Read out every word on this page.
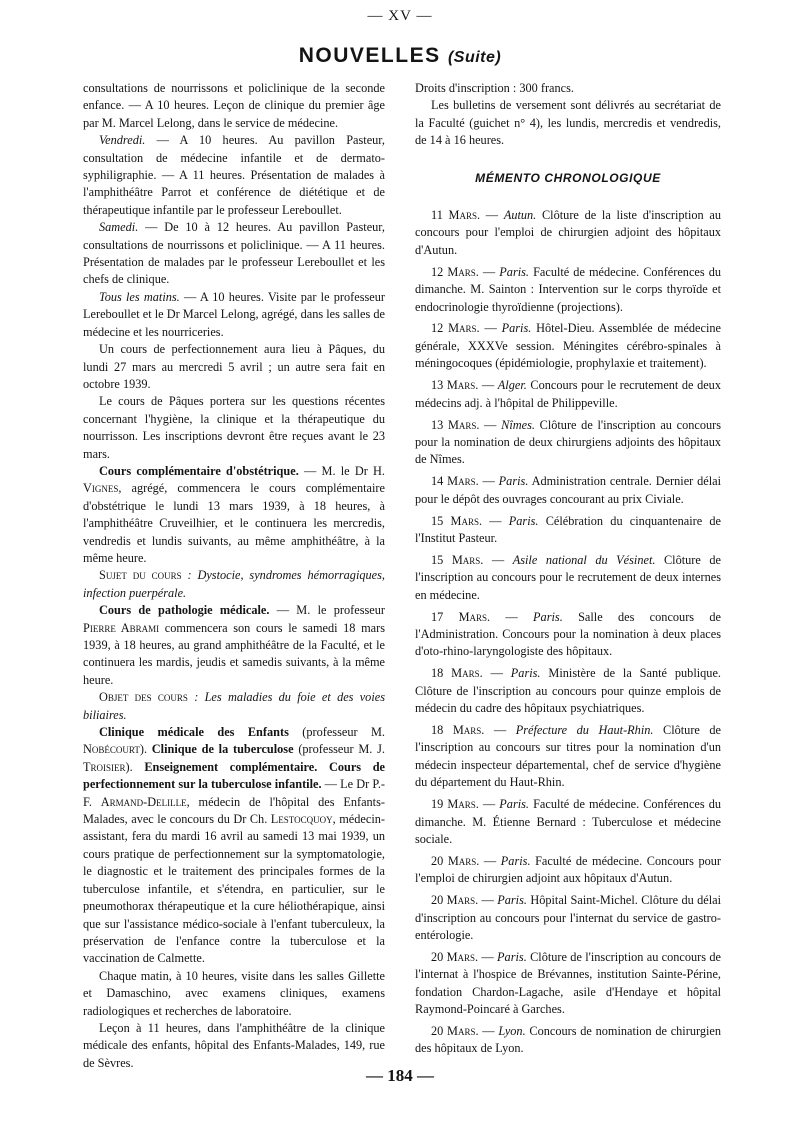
— XV —
NOUVELLES (Suite)

consultations de nourrissons et policlinique de la seconde enfance. — A 10 heures. Leçon de clinique du premier âge par M. Marcel Lelong, dans le service de médecine.

Vendredi. — A 10 heures. Au pavillon Pasteur, consultation de médecine infantile et de dermato-syphiligraphie. — A 11 heures. Présentation de malades à l'amphithéâtre Parrot et conférence de diététique et de thérapeutique infantile par le professeur Lereboullet.

Samedi. — De 10 à 12 heures. Au pavillon Pasteur, consultations de nourrissons et policlinique. — A 11 heures. Présentation de malades par le professeur Lereboullet et les chefs de clinique.

Tous les matins. — A 10 heures. Visite par le professeur Lereboullet et le Dr Marcel Lelong, agrégé, dans les salles de médecine et les nourriceries.

Un cours de perfectionnement aura lieu à Pâques, du lundi 27 mars au mercredi 5 avril ; un autre sera fait en octobre 1939.

Le cours de Pâques portera sur les questions récentes concernant l'hygiène, la clinique et la thérapeutique du nourrisson. Les inscriptions devront être reçues avant le 23 mars.

Cours complémentaire d'obstétrique. — M. le Dr H. Vignes, agrégé, commencera le cours complémentaire d'obstétrique le lundi 13 mars 1939, à 18 heures, à l'amphithéâtre Cruveilhier, et le continuera les mercredis, vendredis et lundis suivants, au même amphithéâtre, à la même heure.

Sujet du cours : Dystocie, syndromes hémorragiques, infection puerpérale.

Cours de pathologie médicale. — M. le professeur Pierre Abrami commencera son cours le samedi 18 mars 1939, à 18 heures, au grand amphithéâtre de la Faculté, et le continuera les mardis, jeudis et samedis suivants, à la même heure.

Objet des cours : Les maladies du foie et des voies biliaires.

Clinique médicale des Enfants (professeur M. Nobécourt). Clinique de la tuberculose (professeur M. J. Troisier). Enseignement complémentaire. Cours de perfectionnement sur la tuberculose infantile. — Le Dr P.-F. Armand-Delille, médecin de l'hôpital des Enfants-Malades, avec le concours du Dr Ch. Lestocquoy, médecin-assistant, fera du mardi 16 avril au samedi 13 mai 1939, un cours pratique de perfectionnement sur la symptomatologie, le diagnostic et le traitement des principales formes de la tuberculose infantile, et s'étendra, en particulier, sur le pneumothorax thérapeutique et la cure héliothérapique, ainsi que sur l'assistance médico-sociale à l'enfant tuberculeux, la préservation de l'enfance contre la tuberculose et la vaccination de Calmette.

Chaque matin, à 10 heures, visite dans les salles Gillette et Damaschino, avec examens cliniques, examens radiologiques et recherches de laboratoire.

Leçon à 11 heures, dans l'amphithéâtre de la clinique médicale des enfants, hôpital des Enfants-Malades, 149, rue de Sèvres.

Droits d'inscription : 300 francs.

Les bulletins de versement sont délivrés au secrétariat de la Faculté (guichet n° 4), les lundis, mercredis et vendredis, de 14 à 16 heures.

MÉMENTO CHRONOLOGIQUE

11 Mars. — Autun. Clôture de la liste d'inscription au concours pour l'emploi de chirurgien adjoint des hôpitaux d'Autun.

12 Mars. — Paris. Faculté de médecine. Conférences du dimanche. M. Sainton : Intervention sur le corps thyroïde et endocrinologie thyroïdienne (projections).

12 Mars. — Paris. Hôtel-Dieu. Assemblée de médecine générale, XXXVe session. Méningites cérébro-spinales à méningocoques (épidémiologie, prophylaxie et traitement).

13 Mars. — Alger. Concours pour le recrutement de deux médecins adj. à l'hôpital de Philippeville.

13 Mars. — Nîmes. Clôture de l'inscription au concours pour la nomination de deux chirurgiens adjoints des hôpitaux de Nîmes.

14 Mars. — Paris. Administration centrale. Dernier délai pour le dépôt des ouvrages concourant au prix Civiale.

15 Mars. — Paris. Célébration du cinquantenaire de l'Institut Pasteur.

15 Mars. — Asile national du Vésinet. Clôture de l'inscription au concours pour le recrutement de deux internes en médecine.

17 Mars. — Paris. Salle des concours de l'Administration. Concours pour la nomination à deux places d'oto-rhino-laryngologiste des hôpitaux.

18 Mars. — Paris. Ministère de la Santé publique. Clôture de l'inscription au concours pour quinze emplois de médecin du cadre des hôpitaux psychiatriques.

18 Mars. — Préfecture du Haut-Rhin. Clôture de l'inscription au concours sur titres pour la nomination d'un médecin inspecteur départemental, chef de service d'hygiène du département du Haut-Rhin.

19 Mars. — Paris. Faculté de médecine. Conférences du dimanche. M. Étienne Bernard : Tuberculose et médecine sociale.

20 Mars. — Paris. Faculté de médecine. Concours pour l'emploi de chirurgien adjoint aux hôpitaux d'Autun.

20 Mars. — Paris. Hôpital Saint-Michel. Clôture du délai d'inscription au concours pour l'internat du service de gastro-entérologie.

20 Mars. — Paris. Clôture de l'inscription au concours de l'internat à l'hospice de Brévannes, institution Sainte-Périne, fondation Chardon-Lagache, asile d'Hendaye et hôpital Raymond-Poincaré à Garches.

20 Mars. — Lyon. Concours de nomination de chirurgien des hôpitaux de Lyon.

— 184 —
